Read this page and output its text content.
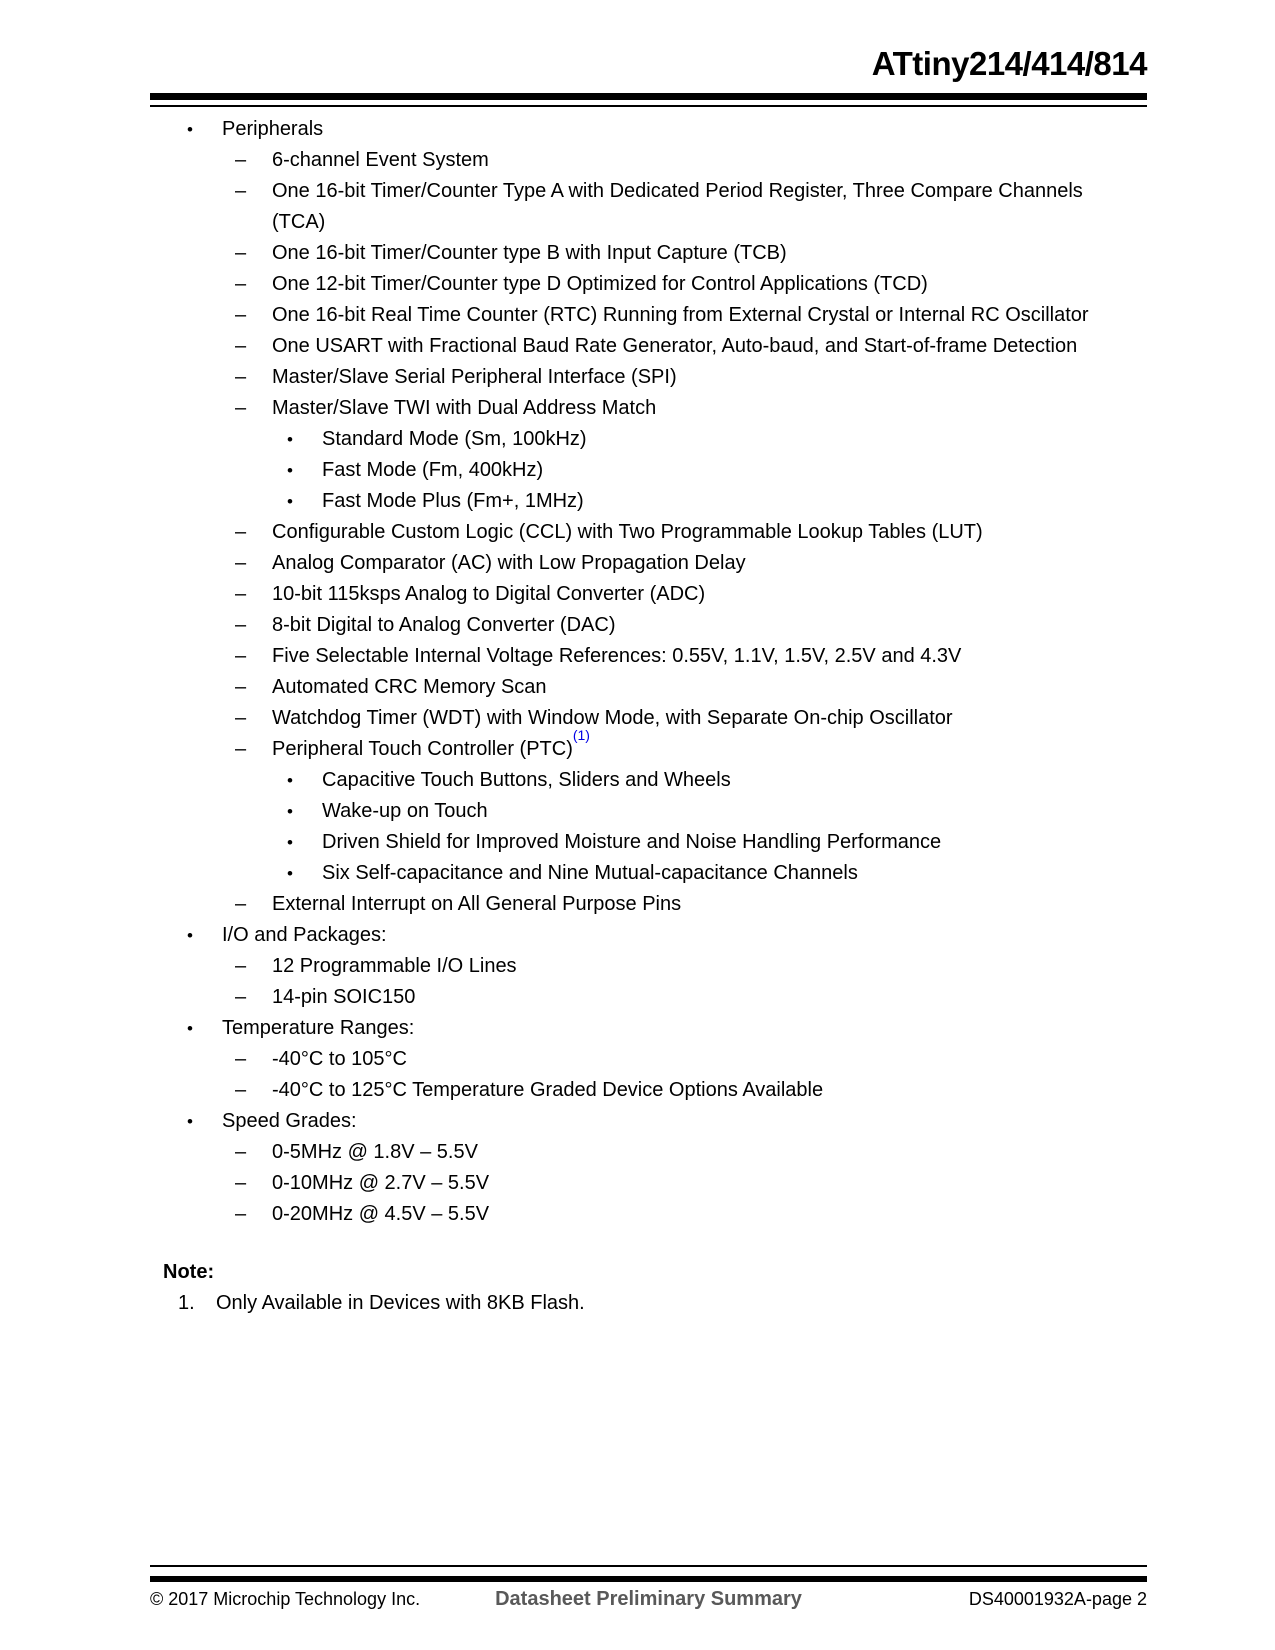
ATtiny214/414/814
•	Peripherals
–	6-channel Event System
–	One 16-bit Timer/Counter Type A with Dedicated Period Register, Three Compare Channels (TCA)
–	One 16-bit Timer/Counter type B with Input Capture (TCB)
–	One 12-bit Timer/Counter type D Optimized for Control Applications (TCD)
–	One 16-bit Real Time Counter (RTC) Running from External Crystal or Internal RC Oscillator
–	One USART with Fractional Baud Rate Generator, Auto-baud, and Start-of-frame Detection
–	Master/Slave Serial Peripheral Interface (SPI)
–	Master/Slave TWI with Dual Address Match
•	Standard Mode (Sm, 100kHz)
•	Fast Mode (Fm, 400kHz)
•	Fast Mode Plus (Fm+, 1MHz)
–	Configurable Custom Logic (CCL) with Two Programmable Lookup Tables (LUT)
–	Analog Comparator (AC) with Low Propagation Delay
–	10-bit 115ksps Analog to Digital Converter (ADC)
–	8-bit Digital to Analog Converter (DAC)
–	Five Selectable Internal Voltage References: 0.55V, 1.1V, 1.5V, 2.5V and 4.3V
–	Automated CRC Memory Scan
–	Watchdog Timer (WDT) with Window Mode, with Separate On-chip Oscillator
–	Peripheral Touch Controller (PTC)$^{(1)}$
•	Capacitive Touch Buttons, Sliders and Wheels
•	Wake-up on Touch
•	Driven Shield for Improved Moisture and Noise Handling Performance
•	Six Self-capacitance and Nine Mutual-capacitance Channels
–	External Interrupt on All General Purpose Pins
•	I/O and Packages:
–	12 Programmable I/O Lines
–	14-pin SOIC150
•	Temperature Ranges:
–	-40°C to 105°C
–	-40°C to 125°C Temperature Graded Device Options Available
•	Speed Grades:
–	0-5MHz @ 1.8V – 5.5V
–	0-10MHz @ 2.7V – 5.5V
–	0-20MHz @ 4.5V – 5.5V
Note:
1.	Only Available in Devices with 8KB Flash.
© 2017 Microchip Technology Inc.	Datasheet Preliminary Summary	DS40001932A-page 2
